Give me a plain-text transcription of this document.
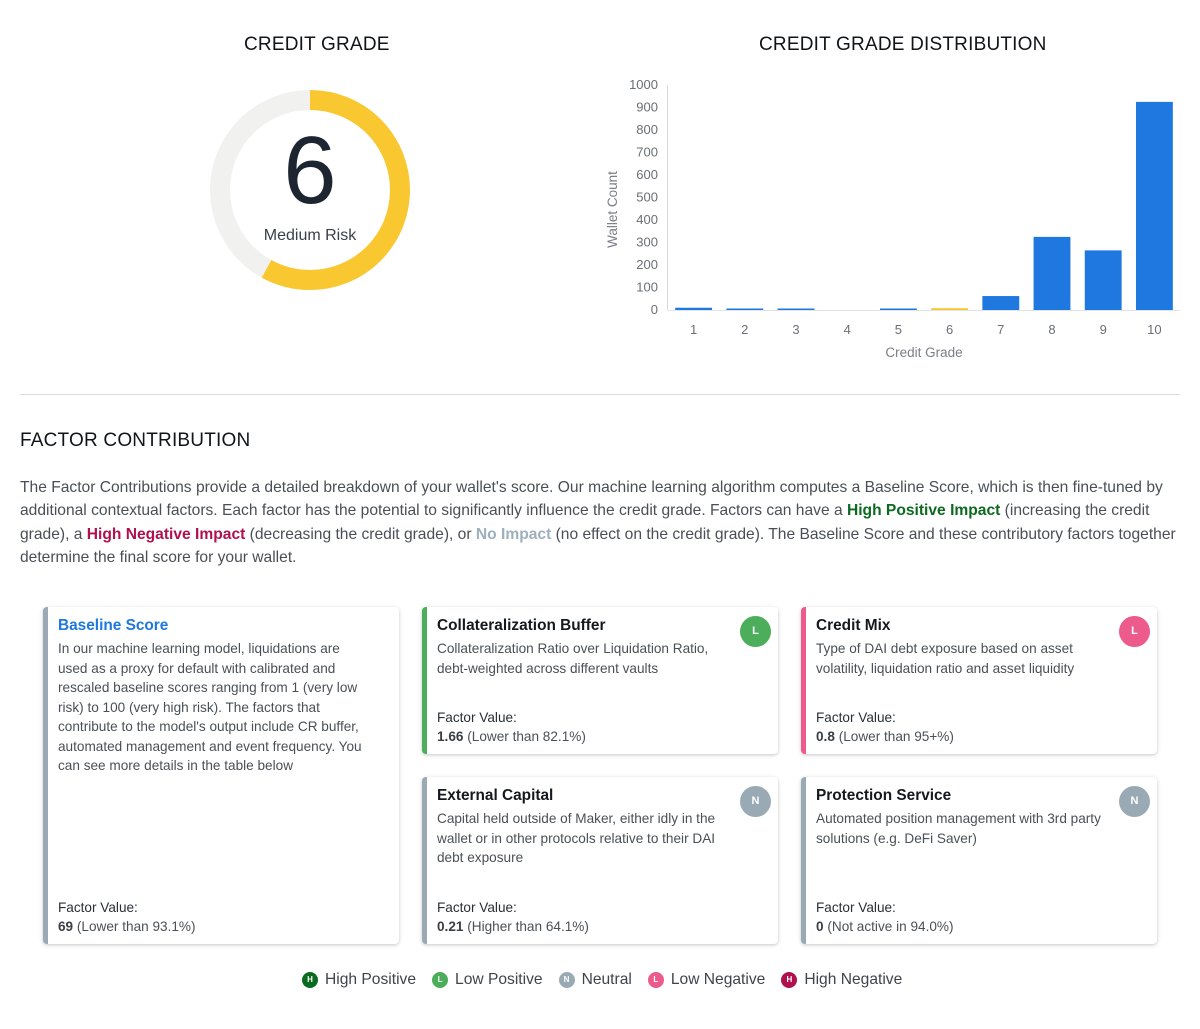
CREDIT GRADE
6
Medium Risk
CREDIT GRADE DISTRIBUTION
0
100
200
300
400
500
600
700
800
900
1000
1	2	3	4	5	6	7	8	9	10
Credit Grade
Wallet Count
FACTOR CONTRIBUTION
The Factor Contributions provide a detailed breakdown of your wallet's score. Our machine learning algorithm computes a Baseline Score, which is then fine-tuned by additional contextual factors. Each factor has the potential to significantly influence the credit grade. Factors can have a High Positive Impact (increasing the credit grade), a High Negative Impact (decreasing the credit grade), or No Impact (no effect on the credit grade). The Baseline Score and these contributory factors together determine the final score for your wallet.
Baseline Score
In our machine learning model, liquidations are used as a proxy for default with calibrated and rescaled baseline scores ranging from 1 (very low risk) to 100 (very high risk). The factors that contribute to the model's output include CR buffer, automated management and event frequency. You can see more details in the table below
Factor Value:
69 (Lower than 93.1%)
Collateralization Buffer
Collateralization Ratio over Liquidation Ratio, debt-weighted across different vaults
L
Factor Value:
1.66 (Lower than 82.1%)
Credit Mix
Type of DAI debt exposure based on asset volatility, liquidation ratio and asset liquidity
L
Factor Value:
0.8 (Lower than 95+%)
External Capital
Capital held outside of Maker, either idly in the wallet or in other protocols relative to their DAI debt exposure
N
Factor Value:
0.21 (Higher than 64.1%)
Protection Service
Automated position management with 3rd party solutions (e.g. DeFi Saver)
N
Factor Value:
0 (Not active in 94.0%)
H High Positive	L Low Positive	N Neutral	L Low Negative	H High Negative
